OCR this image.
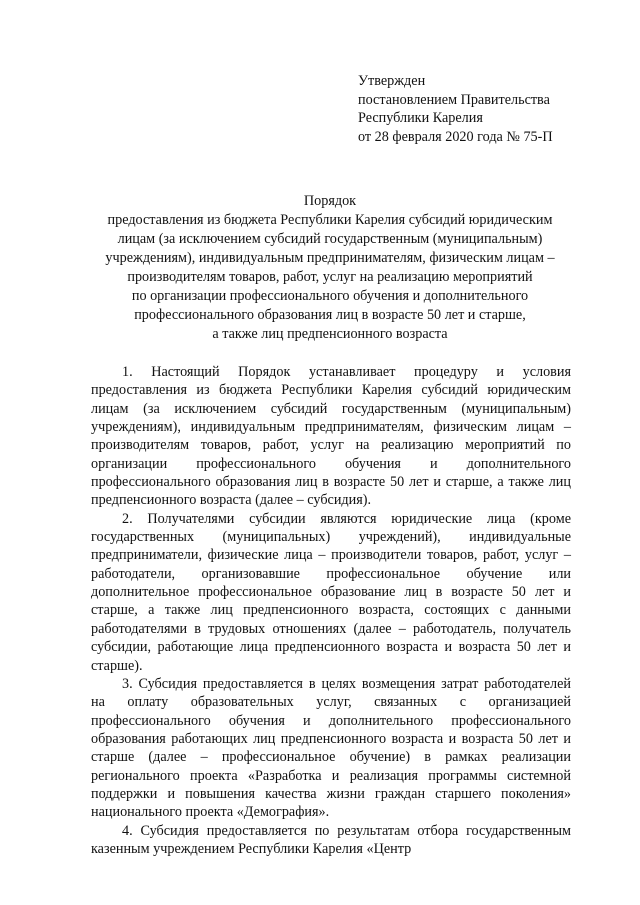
Утвержден
постановлением Правительства
Республики Карелия
от 28 февраля 2020 года № 75-П
Порядок
предоставления из бюджета Республики Карелия субсидий юридическим
лицам (за исключением субсидий государственным (муниципальным)
учреждениям), индивидуальным предпринимателям, физическим лицам –
производителям товаров, работ, услуг на реализацию мероприятий
по организации профессионального обучения и дополнительного
профессионального образования лиц в возрасте 50 лет и старше,
а также лиц предпенсионного возраста

1. Настоящий Порядок устанавливает процедуру и условия предоставления из бюджета Республики Карелия субсидий юридическим лицам (за исключением субсидий государственным (муниципальным) учреждениям), индивидуальным предпринимателям, физическим лицам – производителям товаров, работ, услуг на реализацию мероприятий по организации профессионального обучения и дополнительного профессионального образования лиц в возрасте 50 лет и старше, а также лиц предпенсионного возраста (далее – субсидия).

2. Получателями субсидии являются юридические лица (кроме государственных (муниципальных) учреждений), индивидуальные предприниматели, физические лица – производители товаров, работ, услуг – работодатели, организовавшие профессиональное обучение или дополнительное профессиональное образование лиц в возрасте 50 лет и старше, а также лиц предпенсионного возраста, состоящих с данными работодателями в трудовых отношениях (далее – работодатель, получатель субсидии, работающие лица предпенсионного возраста и возраста 50 лет и старше).

3. Субсидия предоставляется в целях возмещения затрат работодателей на оплату образовательных услуг, связанных с организацией профессионального обучения и дополнительного профессионального образования работающих лиц предпенсионного возраста и возраста 50 лет и старше (далее – профессиональное обучение) в рамках реализации регионального проекта «Разработка и реализация программы системной поддержки и повышения качества жизни граждан старшего поколения» национального проекта «Демография».

4. Субсидия предоставляется по результатам отбора государственным казенным учреждением Республики Карелия «Центр
